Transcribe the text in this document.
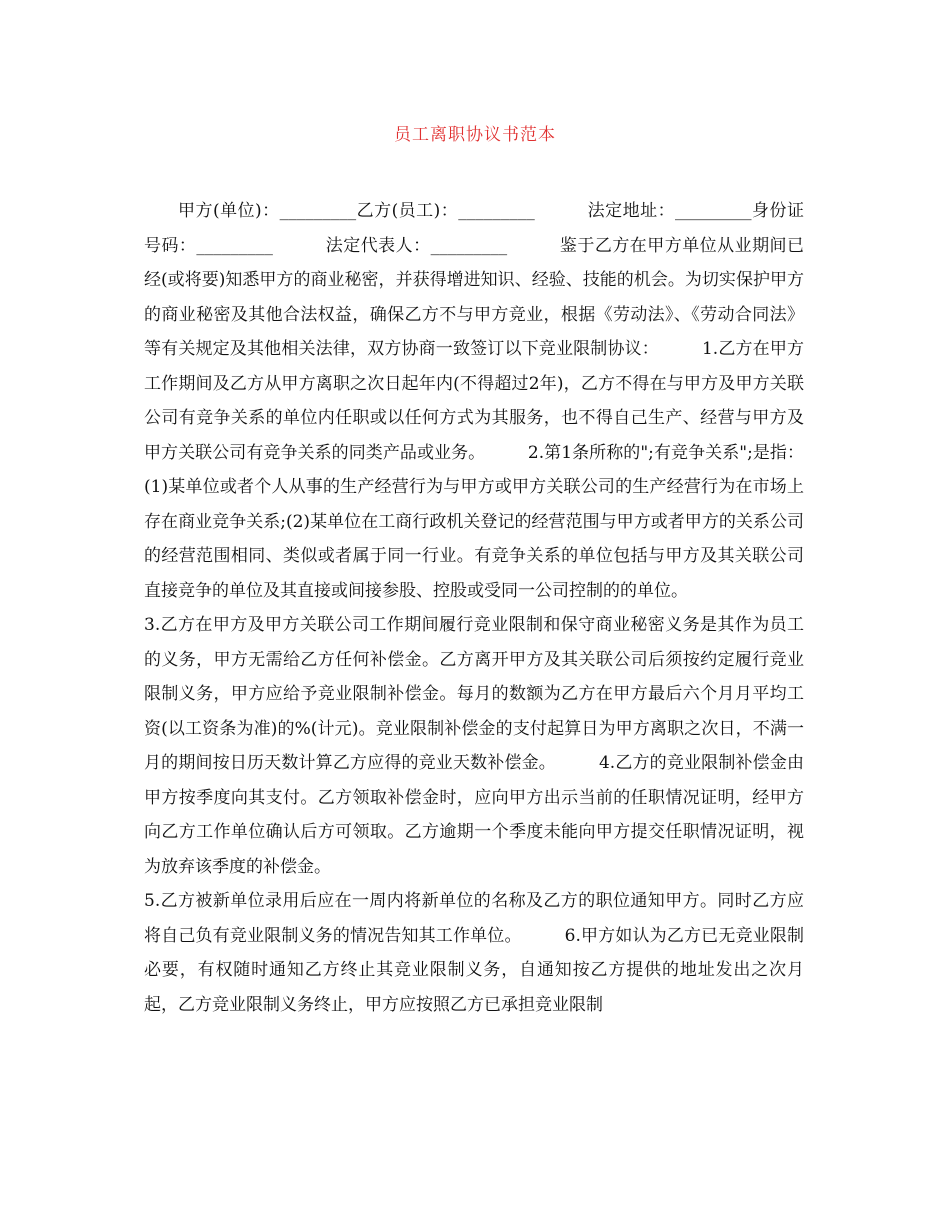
员工离职协议书范本

甲方(单位)：_________乙方(员工)：_________　　　法定地址：_________身份证号码：_________　　　法定代表人：_________　　　鉴于乙方在甲方单位从业期间已经(或将要)知悉甲方的商业秘密，并获得增进知识、经验、技能的机会。为切实保护甲方的商业秘密及其他合法权益，确保乙方不与甲方竞业，根据《劳动法》、《劳动合同法》等有关规定及其他相关法律，双方协商一致签订以下竞业限制协议：　　　1.乙方在甲方工作期间及乙方从甲方离职之次日起年内(不得超过2年)，乙方不得在与甲方及甲方关联公司有竞争关系的单位内任职或以任何方式为其服务，也不得自己生产、经营与甲方及甲方关联公司有竞争关系的同类产品或业务。　　　2.第1条所称的";有竞争关系";是指：(1)某单位或者个人从事的生产经营行为与甲方或甲方关联公司的生产经营行为在市场上存在商业竞争关系;(2)某单位在工商行政机关登记的经营范围与甲方或者甲方的关系公司的经营范围相同、类似或者属于同一行业。有竞争关系的单位包括与甲方及其关联公司直接竞争的单位及其直接或间接参股、控股或受同一公司控制的的单位。

3.乙方在甲方及甲方关联公司工作期间履行竞业限制和保守商业秘密义务是其作为员工的义务，甲方无需给乙方任何补偿金。乙方离开甲方及其关联公司后须按约定履行竞业限制义务，甲方应给予竞业限制补偿金。每月的数额为乙方在甲方最后六个月月平均工资(以工资条为准)的%(计元)。竞业限制补偿金的支付起算日为甲方离职之次日，不满一月的期间按日历天数计算乙方应得的竞业天数补偿金。　　　4.乙方的竞业限制补偿金由甲方按季度向其支付。乙方领取补偿金时，应向甲方出示当前的任职情况证明，经甲方向乙方工作单位确认后方可领取。乙方逾期一个季度未能向甲方提交任职情况证明，视为放弃该季度的补偿金。

5.乙方被新单位录用后应在一周内将新单位的名称及乙方的职位通知甲方。同时乙方应将自己负有竞业限制义务的情况告知其工作单位。　　　6.甲方如认为乙方已无竞业限制必要，有权随时通知乙方终止其竞业限制义务，自通知按乙方提供的地址发出之次月起，乙方竞业限制义务终止，甲方应按照乙方已承担竞业限制
